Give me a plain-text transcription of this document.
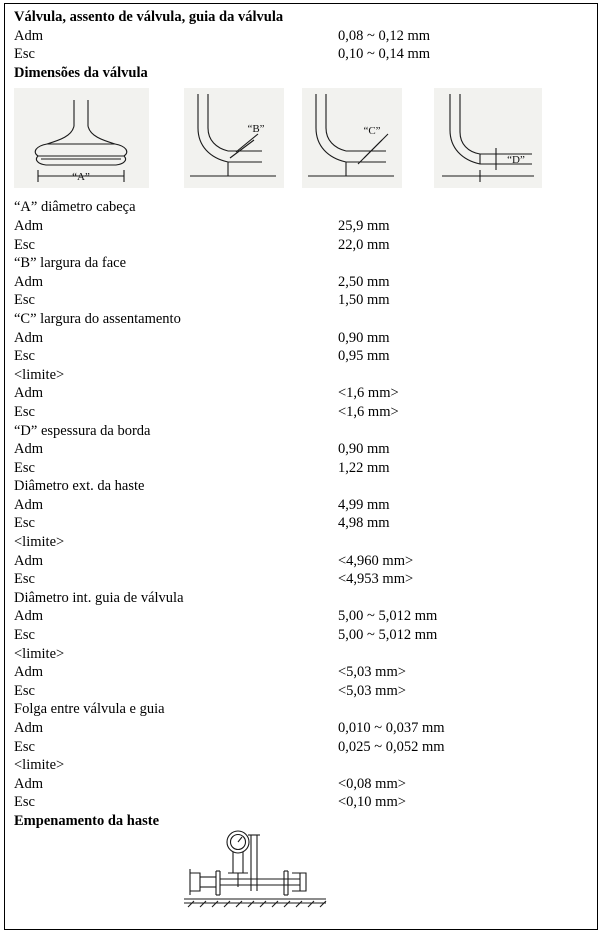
Válvula, assento de válvula, guia da válvula
Adm	0,08 ~ 0,12 mm
Esc	0,10 ~ 0,14 mm
Dimensões da válvula
“A”
“B”	“C”
“D”
“A” diâmetro cabeça
Adm	25,9 mm
Esc	22,0 mm
“B” largura da face
Adm	2,50 mm
Esc	1,50 mm
“C” largura do assentamento
Adm	0,90 mm
Esc	0,95 mm
<limite>
Adm	<1,6 mm>
Esc	<1,6 mm>
“D” espessura da borda
Adm	0,90 mm
Esc	1,22 mm
Diâmetro ext. da haste
Adm	4,99 mm
Esc	4,98 mm
<limite>
Adm	<4,960 mm>
Esc	<4,953 mm>
Diâmetro int. guia de válvula
Adm	5,00 ~ 5,012 mm
Esc	5,00 ~ 5,012 mm
<limite>
Adm	<5,03 mm>
Esc	<5,03 mm>
Folga entre válvula e guia
Adm	0,010 ~ 0,037 mm
Esc	0,025 ~ 0,052 mm
<limite>
Adm	<0,08 mm>
Esc	<0,10 mm>
Empenamento da haste
